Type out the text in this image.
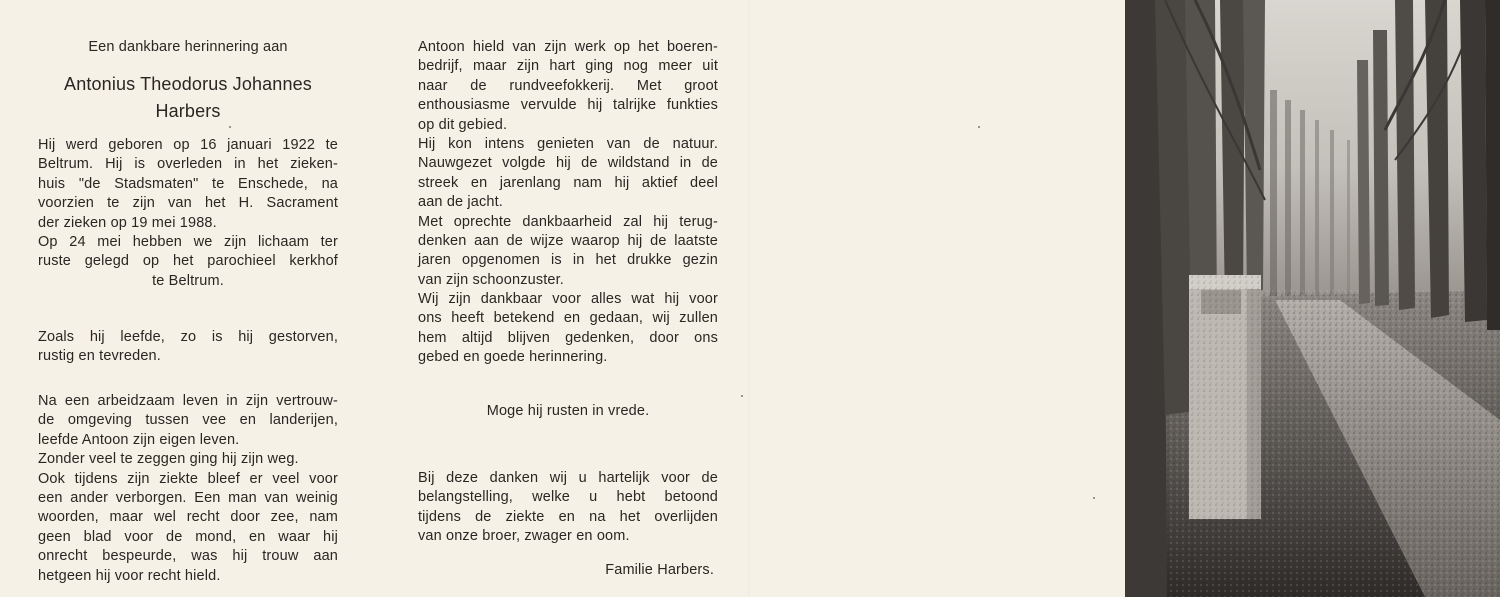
Een dankbare herinnering aan
Antonius Theodorus Johannes
Harbers
Hij werd geboren op 16 januari 1922 te
Beltrum. Hij is overleden in het zieken-
huis "de Stadsmaten" te Enschede, na
voorzien te zijn van het H. Sacrament
der zieken op 19 mei 1988.
Op 24 mei hebben we zijn lichaam ter
ruste gelegd op het parochieel kerkhof
te Beltrum.
Zoals hij leefde, zo is hij gestorven,
rustig en tevreden.
Na een arbeidzaam leven in zijn vertrouw-
de omgeving tussen vee en landerijen,
leefde Antoon zijn eigen leven.
Zonder veel te zeggen ging hij zijn weg.
Ook tijdens zijn ziekte bleef er veel voor
een ander verborgen. Een man van weinig
woorden, maar wel recht door zee, nam
geen blad voor de mond, en waar hij
onrecht bespeurde, was hij trouw aan
hetgeen hij voor recht hield.
Antoon hield van zijn werk op het boeren-
bedrijf, maar zijn hart ging nog meer uit
naar de rundveefokkerij. Met groot
enthousiasme vervulde hij talrijke funkties
op dit gebied.
Hij kon intens genieten van de natuur.
Nauwgezet volgde hij de wildstand in de
streek en jarenlang nam hij aktief deel
aan de jacht.
Met oprechte dankbaarheid zal hij terug-
denken aan de wijze waarop hij de laatste
jaren opgenomen is in het drukke gezin
van zijn schoonzuster.
Wij zijn dankbaar voor alles wat hij voor
ons heeft betekend en gedaan, wij zullen
hem altijd blijven gedenken, door ons
gebed en goede herinnering.
Moge hij rusten in vrede.
Bij deze danken wij u hartelijk voor de
belangstelling, welke u hebt betoond
tijdens de ziekte en na het overlijden
van onze broer, zwager en oom.
Familie Harbers.
